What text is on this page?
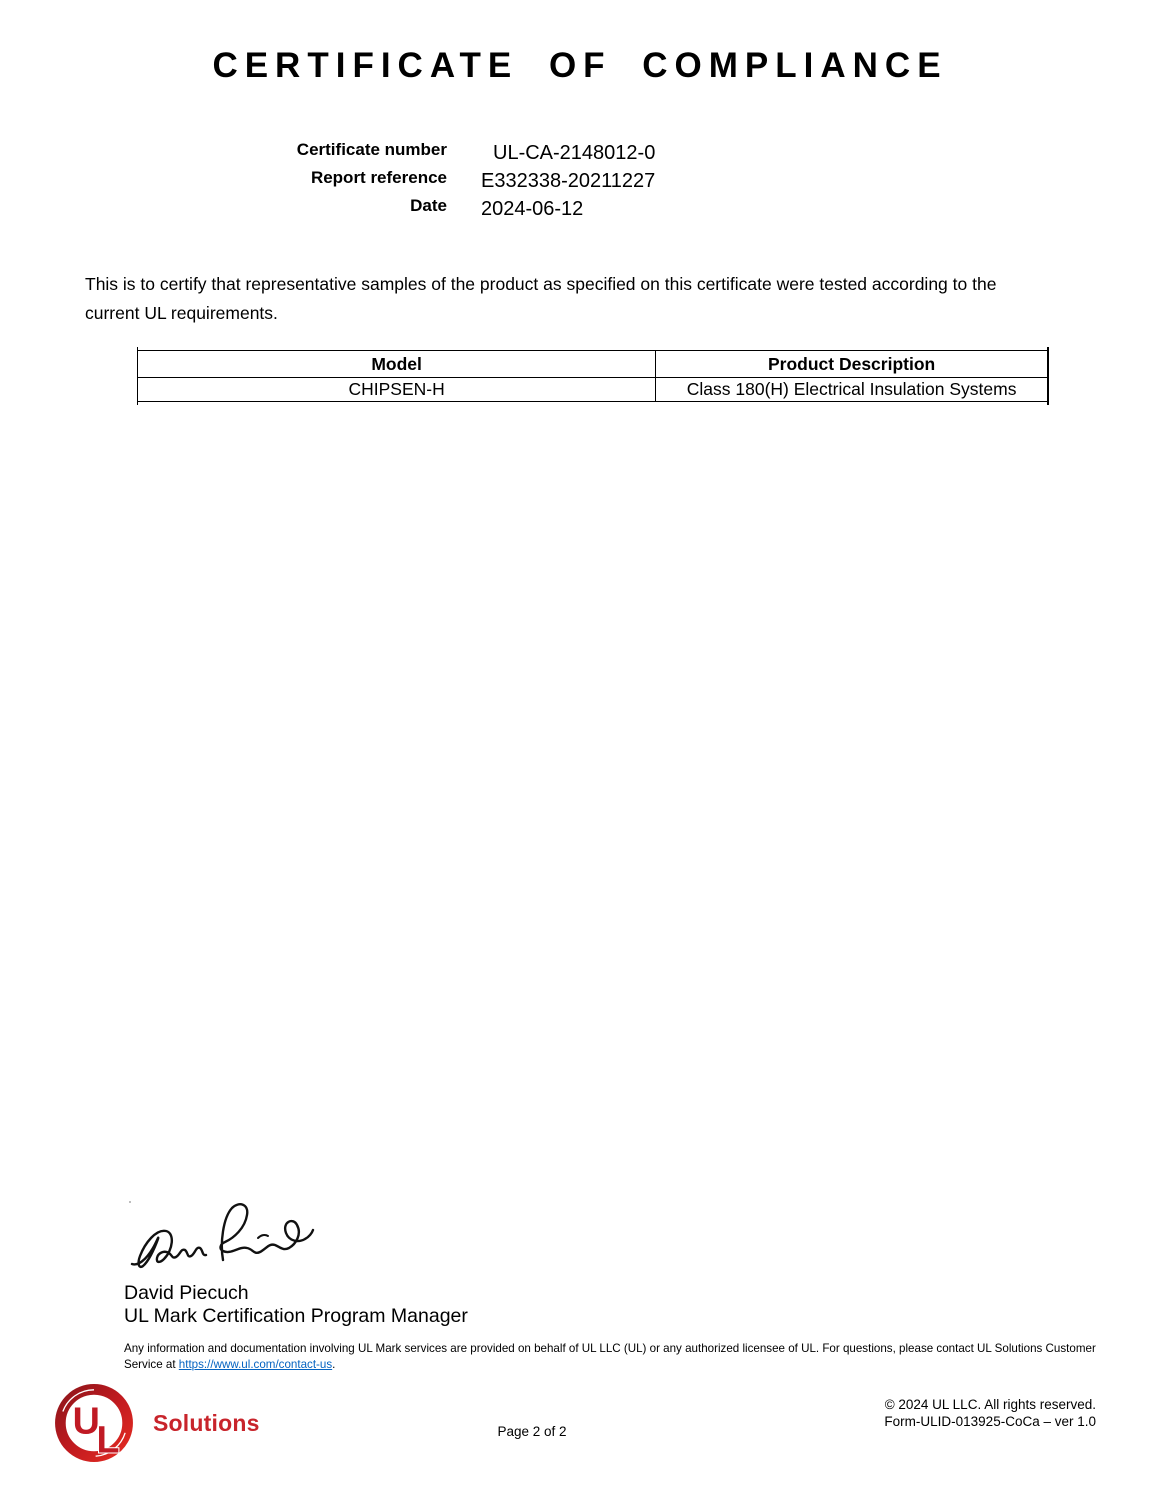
CERTIFICATE OF COMPLIANCE
Certificate number	UL-CA-2148012-0
Report reference E332338-20211227
Date 2024-06-12
This is to certify that representative samples of the product as specified on this certificate were tested according to the
current UL requirements.
Model	Product Description
CHIPSEN-H	Class 180(H) Electrical Insulation Systems
David Piecuch
UL Mark Certification Program Manager
Any information and documentation involving UL Mark services are provided on behalf of UL LLC (UL) or any authorized licensee of UL. For questions, please contact UL Solutions Customer Service at https://www.ul.com/contact-us.
U
L Solutions	Page 2 of 2
© 2024 UL LLC. All rights reserved.
Form-ULID-013925-CoCa – ver 1.0
